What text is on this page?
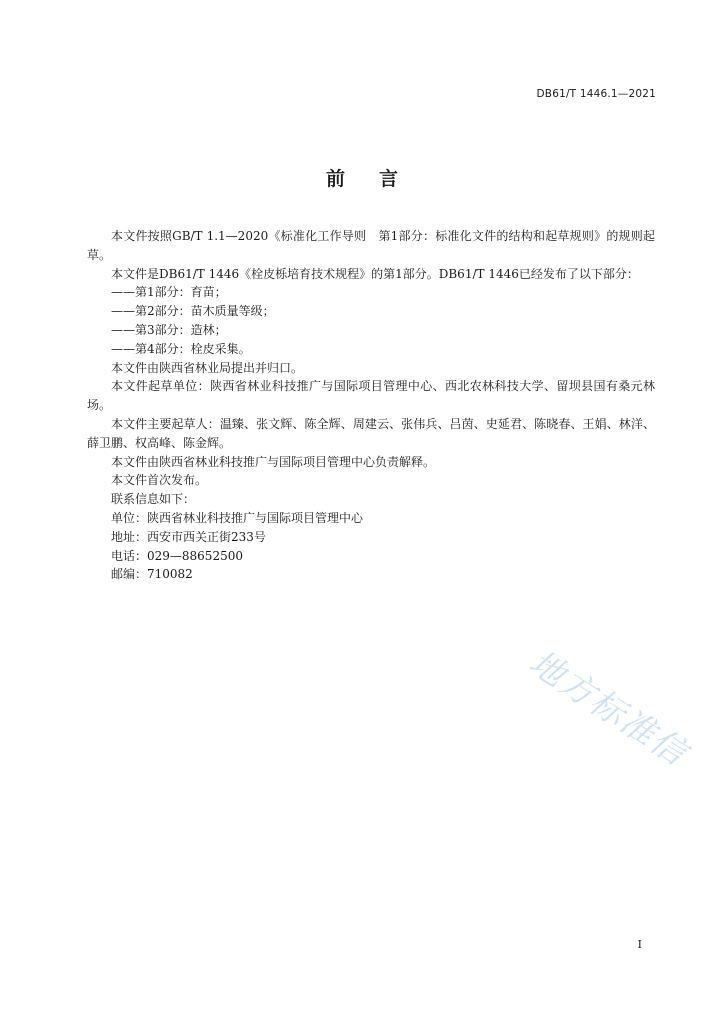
DB61/T 1446.1—2021
前言

本文件按照GB/T 1.1—2020《标准化工作导则　第1部分：标准化文件的结构和起草规则》的规则起草。

本文件是DB61/T 1446《栓皮栎培育技术规程》的第1部分。DB61/T 1446已经发布了以下部分：

——第1部分：育苗；

——第2部分：苗木质量等级；

——第3部分：造林；

——第4部分：栓皮采集。

本文件由陕西省林业局提出并归口。

本文件起草单位：陕西省林业科技推广与国际项目管理中心、西北农林科技大学、留坝县国有桑元林场。

本文件主要起草人：温臻、张文辉、陈全辉、周建云、张伟兵、吕茵、史延君、陈晓春、王娟、林洋、薛卫鹏、权高峰、陈金辉。

本文件由陕西省林业科技推广与国际项目管理中心负责解释。

本文件首次发布。

联系信息如下：

单位：陕西省林业科技推广与国际项目管理中心

地址：西安市西关正街233号

电话：029—88652500

邮编：710082

地方标准信
I
